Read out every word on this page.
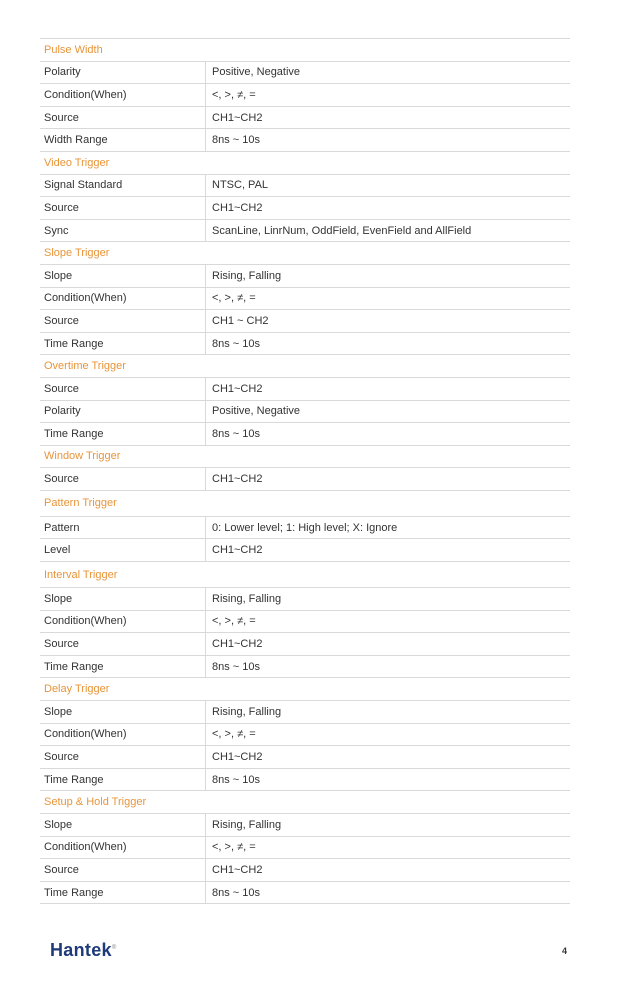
Pulse Width
Polarity	Positive, Negative
Condition(When)	<, >, ≠, =
Source	CH1~CH2
Width Range	8ns ~ 10s
Video Trigger
Signal Standard	NTSC, PAL
Source	CH1~CH2
Sync	ScanLine, LinrNum, OddField, EvenField and AllField
Slope Trigger
Slope	Rising, Falling
Condition(When)	<, >, ≠, =
Source	CH1 ~ CH2
Time Range	8ns ~ 10s
Overtime Trigger
Source	CH1~CH2
Polarity	Positive, Negative
Time Range	8ns ~ 10s
Window Trigger
Source	CH1~CH2
Pattern Trigger
Pattern	0: Lower level; 1: High level; X: Ignore
Level	CH1~CH2
Interval Trigger
Slope	Rising, Falling
Condition(When)	<, >, ≠, =
Source	CH1~CH2
Time Range	8ns ~ 10s
Delay Trigger
Slope	Rising, Falling
Condition(When)	<, >, ≠, =
Source	CH1~CH2
Time Range	8ns ~ 10s
Setup & Hold Trigger
Slope	Rising, Falling
Condition(When)	<, >, ≠, =
Source	CH1~CH2
Time Range	8ns ~ 10s
Hantek®	4
